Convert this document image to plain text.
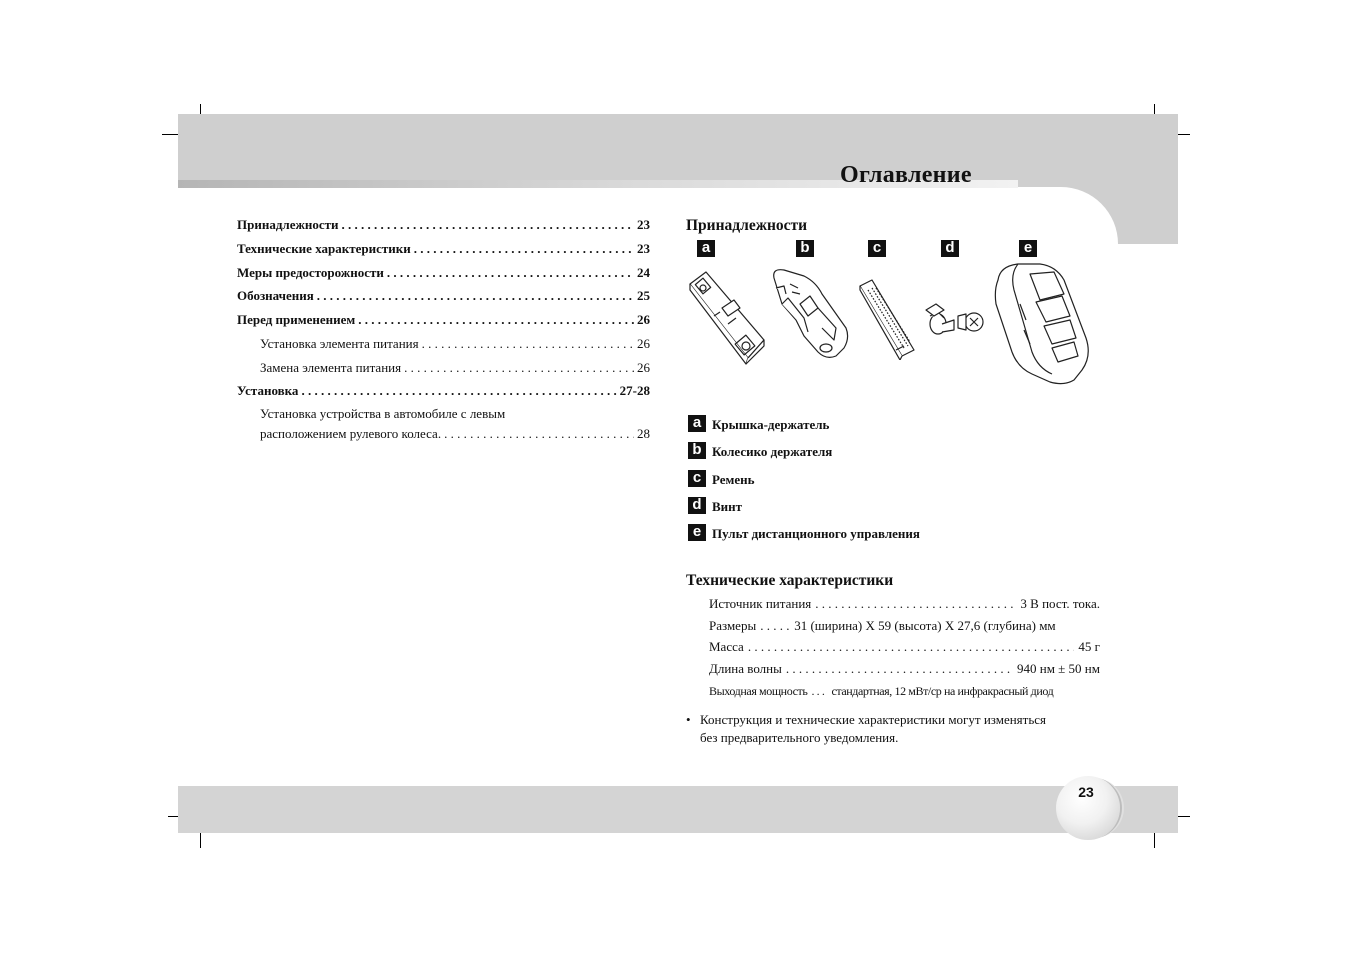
Оглавление
Принадлежности . . .	23
Технические характеристики . . .	23
Меры предосторожности . . .	24
Обозначения . . .	25
Перед применением . . .	26
Установка элемента питания . . .	26
Замена элемента питания . . .	26
Установка . . .	27-28
Установка устройства в автомобиле с левым
расположением рулевого колеса. . . .	28
Принадлежности
a	b	c	d	e
a Крышка-держатель
b Колесико держателя
c Ремень
d Винт
e Пульт дистанционного управления
Технические характеристики
Источник питания . . .	3 В пост. тока.
Размеры . . .	31 (ширина) X 59 (высота) X 27,6 (глубина) мм
Масса . . .	45 г
Длина волны . . .	940 нм ± 50 нм
Выходная мощность . . . стандартная, 12 мВт/ср на инфракрасный диод
• Конструкция и технические характеристики могут изменяться
без предварительного уведомления.
23
